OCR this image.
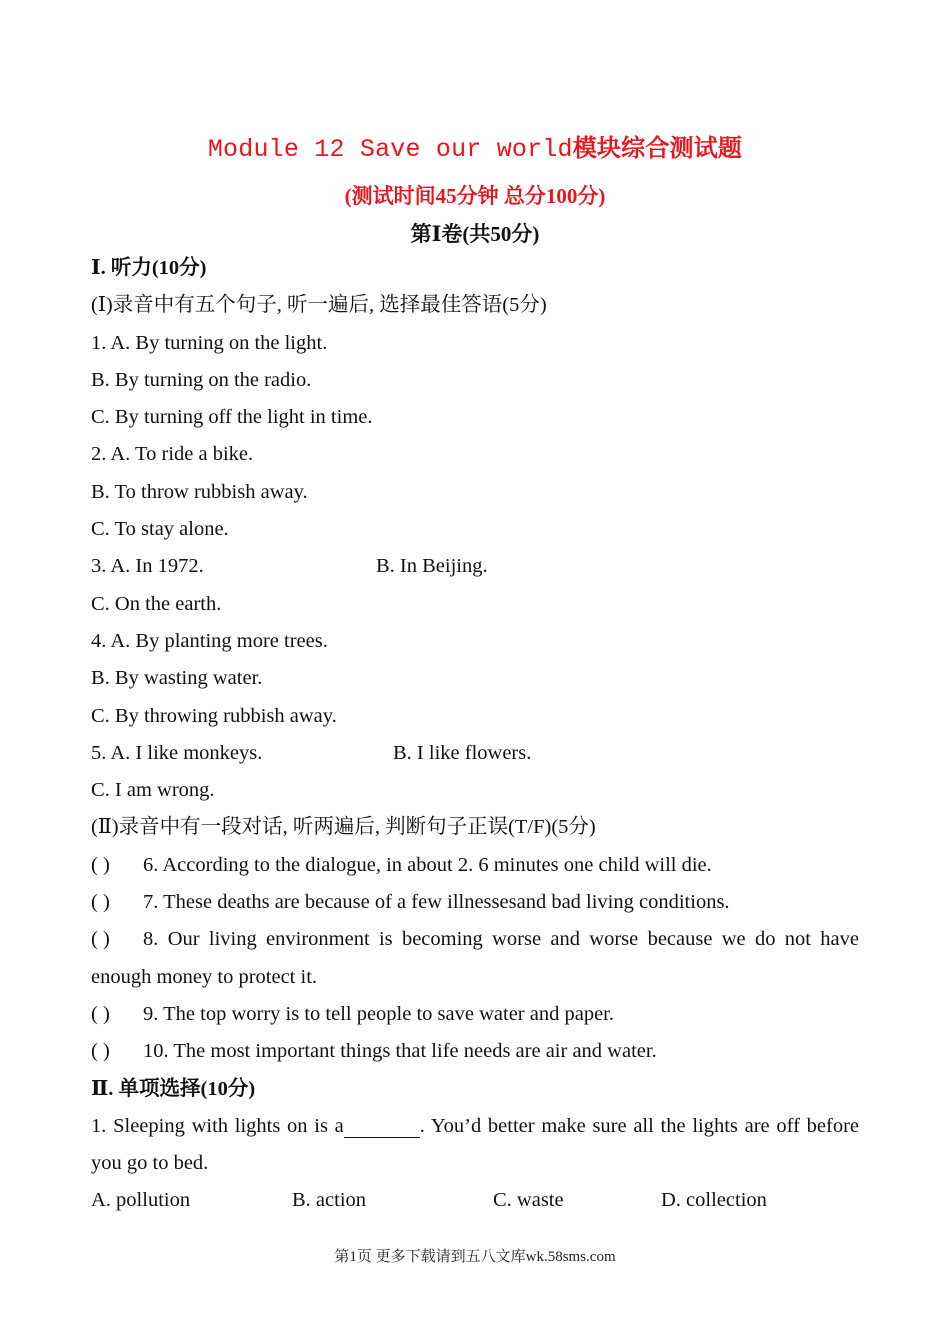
Module 12 Save our world模块综合测试题
(测试时间45分钟 总分100分)
第Ⅰ卷(共50分)
Ⅰ. 听力(10分)
(Ⅰ)录音中有五个句子, 听一遍后, 选择最佳答语(5分)
1. A. By turning on the light.
B. By turning on the radio.
C. By turning off the light in time.
2. A. To ride a bike.
B. To throw rubbish away.
C. To stay alone.
3. A. In 1972.	B. In Beijing.
C. On the earth.
4. A. By planting more trees.
B. By wasting water.
C. By throwing rubbish away.
5. A. I like monkeys.	B. I like flowers.
C. I am wrong.
(Ⅱ)录音中有一段对话, 听两遍后, 判断句子正误(T/F)(5分)
( ) 6. According to the dialogue, in about 2. 6 minutes one child will die.
( ) 7. These deaths are because of a few illnessesand bad living conditions.
( ) 8. Our living environment is becoming worse and worse because we do not have enough money to protect it.
( ) 9. The top worry is to tell people to save water and paper.
( ) 10. The most important things that life needs are air and water.
Ⅱ. 单项选择(10分)
1. Sleeping with lights on is a	. You’d better make sure all the lights are off before you go to bed.
A. pollution	B. action	C. waste	D. collection
第1页 更多下载请到五八文库wk.58sms.com
